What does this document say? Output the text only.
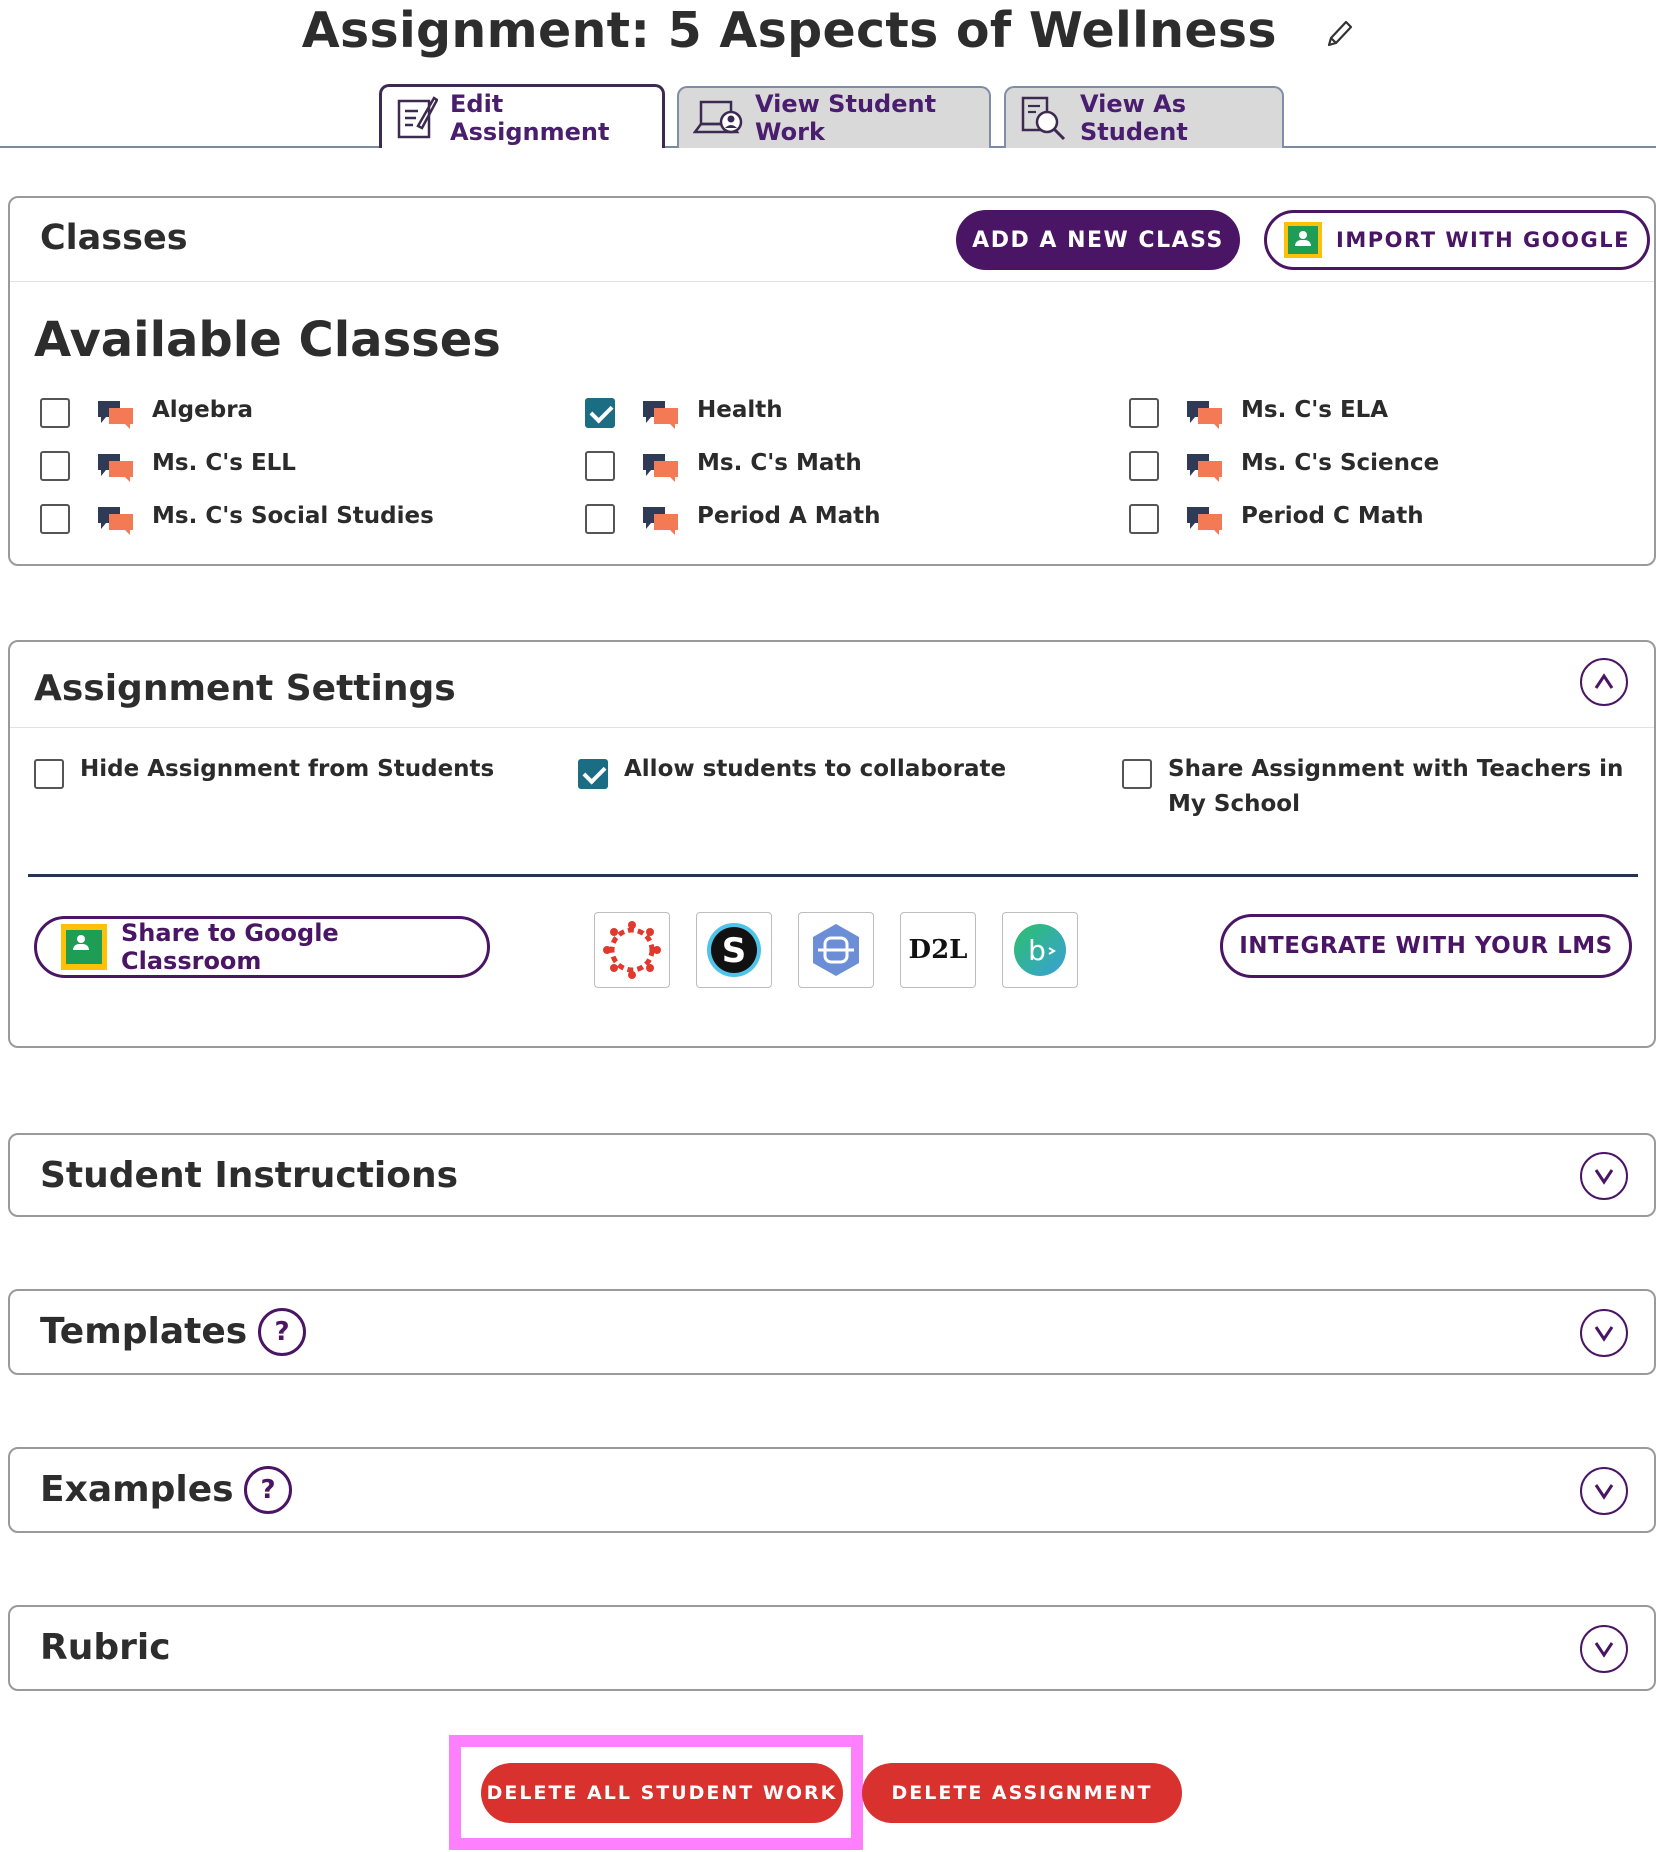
Assignment: 5 Aspects of Wellness
Edit Assignment
View Student Work
View As Student
Classes	ADD A NEW CLASS	IMPORT WITH GOOGLE
Available Classes
Algebra	Health	Ms. C's ELA
Ms. C's ELL	Ms. C's Math	Ms. C's Science
Ms. C's Social Studies	Period A Math	Period C Math
Assignment Settings
Hide Assignment from Students	Allow students to collaborate	Share Assignment with Teachers in My School
Share to Google Classroom	S	D2L b	INTEGRATE WITH YOUR LMS
Student Instructions
Templates ?
Examples ?
Rubric
DELETE ALL STUDENT WORK	DELETE ASSIGNMENT
